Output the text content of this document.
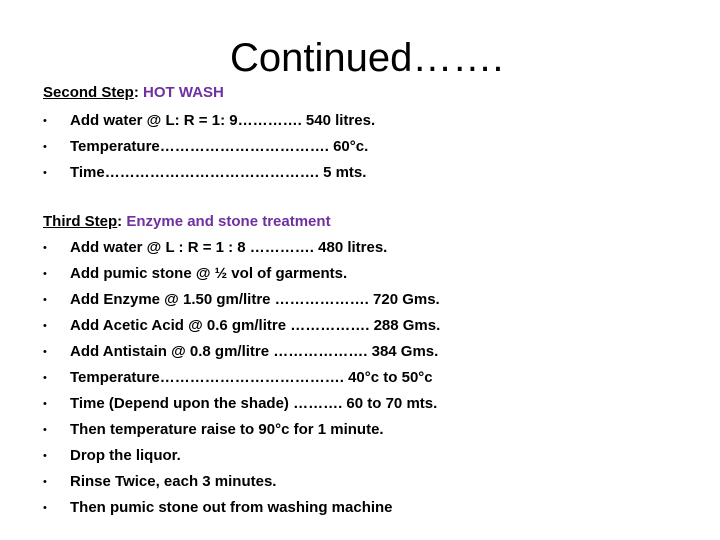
Continued…….
Second Step: HOT WASH
•	Add water @ L: R = 1: 9…………. 540 litres.
•	Temperature……………………………. 60°c.
•	Time……………………………………. 5 mts.
Third Step: Enzyme and stone treatment
•	Add water @ L : R = 1 : 8 …………. 480 litres.
•	Add pumic stone @ ½ vol of garments.
•	Add Enzyme @ 1.50 gm/litre ………………. 720 Gms.
•	Add Acetic Acid @ 0.6 gm/litre ……………. 288 Gms.
•	Add Antistain @ 0.8 gm/litre ………………. 384 Gms.
•	Temperature………………………………. 40°c to 50°c
•	Time (Depend upon the shade) ………. 60 to 70 mts.
•	Then temperature raise to 90°c for 1 minute.
•	Drop the liquor.
•	Rinse Twice, each 3 minutes.
•	Then pumic stone out from washing machine
